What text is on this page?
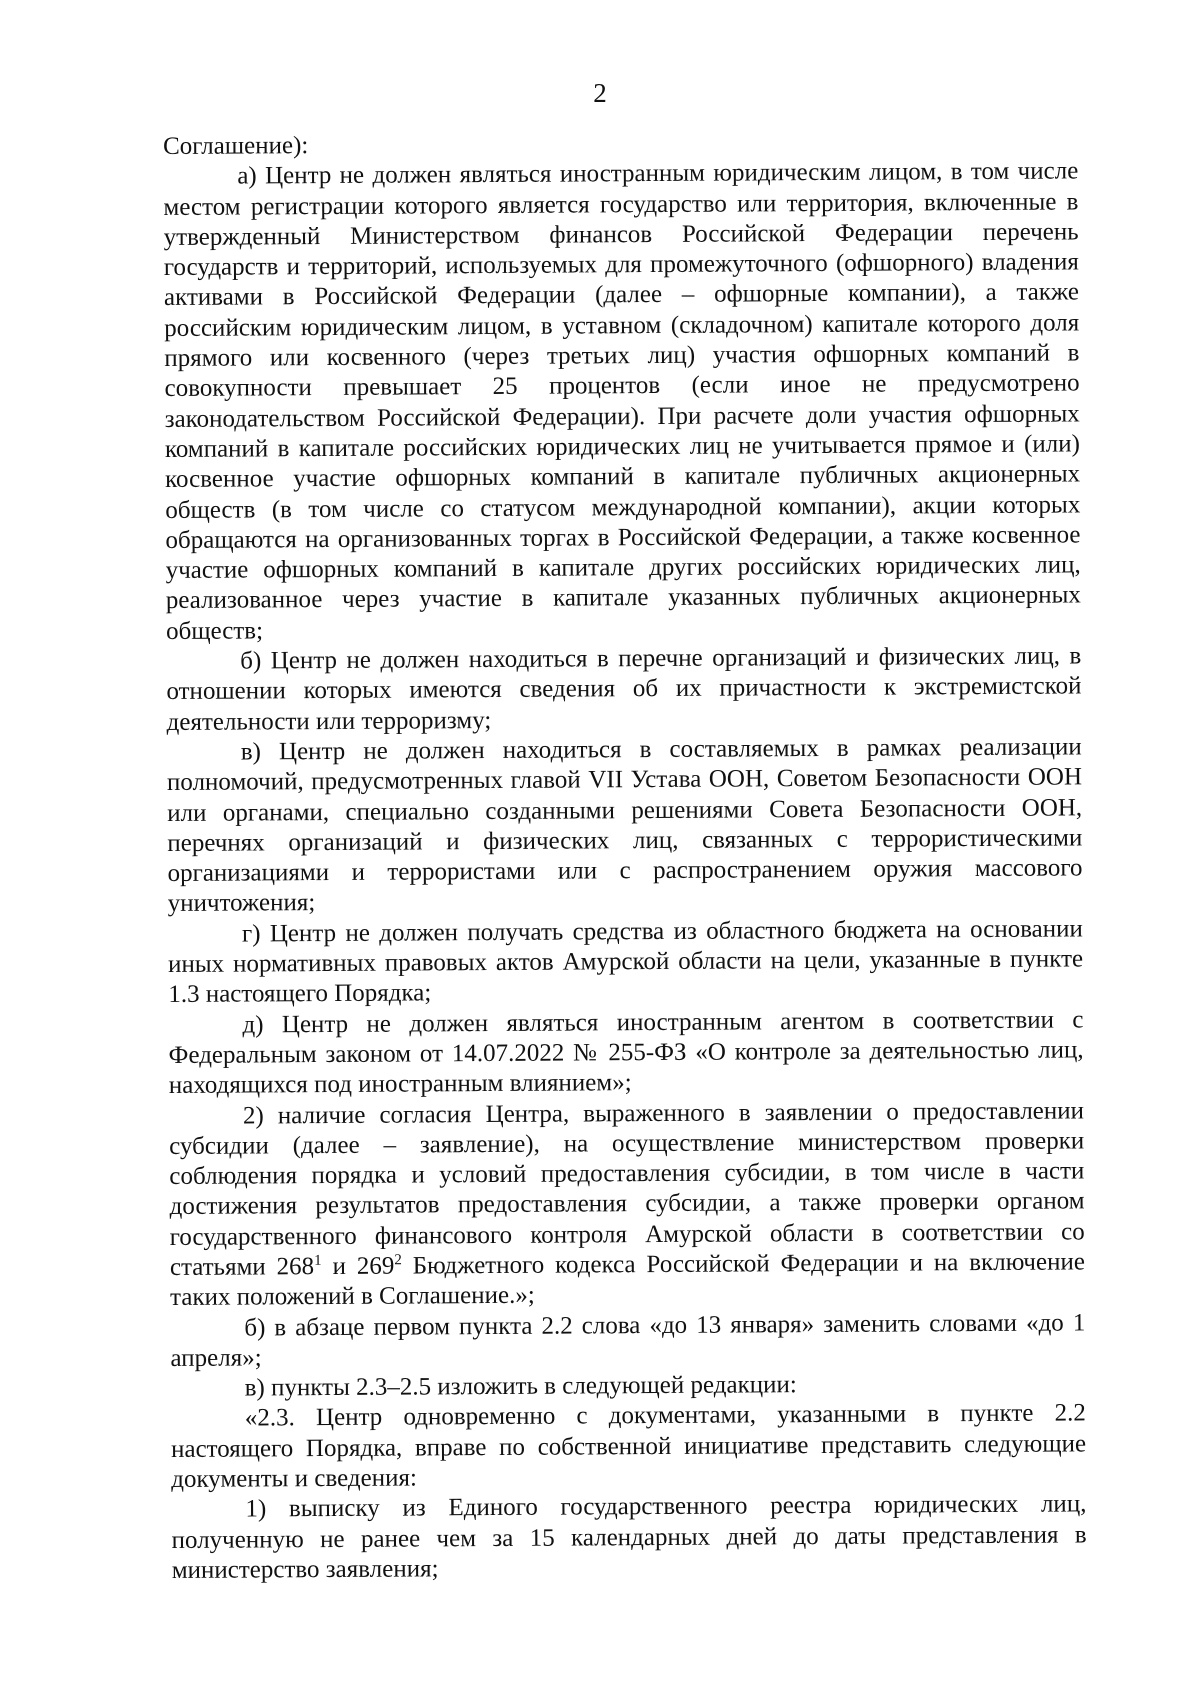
2

Соглашение):

а) Центр не должен являться иностранным юридическим лицом, в том числе местом регистрации которого является государство или территория, включенные в утвержденный Министерством финансов Российской Федерации перечень государств и территорий, используемых для промежуточного (офшорного) владения активами в Российской Федерации (далее – офшорные компании), а также российским юридическим лицом, в уставном (складочном) капитале которого доля прямого или косвенного (через третьих лиц) участия офшорных компаний в совокупности превышает 25 процентов (если иное не предусмотрено законодательством Российской Федерации). При расчете доли участия офшорных компаний в капитале российских юридических лиц не учитывается прямое и (или) косвенное участие офшорных компаний в капитале публичных акционерных обществ (в том числе со статусом международной компании), акции которых обращаются на организованных торгах в Российской Федерации, а также косвенное участие офшорных компаний в капитале других российских юридических лиц, реализованное через участие в капитале указанных публичных акционерных обществ;

б) Центр не должен находиться в перечне организаций и физических лиц, в отношении которых имеются сведения об их причастности к экстремистской деятельности или терроризму;

в) Центр не должен находиться в составляемых в рамках реализации полномочий, предусмотренных главой VII Устава ООН, Советом Безопасности ООН или органами, специально созданными решениями Совета Безопасности ООН, перечнях организаций и физических лиц, связанных с террористическими организациями и террористами или с распространением оружия массового уничтожения;

г) Центр не должен получать средства из областного бюджета на основании иных нормативных правовых актов Амурской области на цели, указанные в пункте 1.3 настоящего Порядка;

д) Центр не должен являться иностранным агентом в соответствии с Федеральным законом от 14.07.2022 № 255-ФЗ «О контроле за деятельностью лиц, находящихся под иностранным влиянием»;

2) наличие согласия Центра, выраженного в заявлении о предоставлении субсидии (далее – заявление), на осуществление министерством проверки соблюдения порядка и условий предоставления субсидии, в том числе в части достижения результатов предоставления субсидии, а также проверки органом государственного финансового контроля Амурской области в соответствии со статьями $268^1$ и $269^2$ Бюджетного кодекса Российской Федерации и на включение таких положений в Соглашение.»;

б) в абзаце первом пункта 2.2 слова «до 13 января» заменить словами «до 1 апреля»;

в) пункты 2.3–2.5 изложить в следующей редакции:

«2.3. Центр одновременно с документами, указанными в пункте 2.2 настоящего Порядка, вправе по собственной инициативе представить следующие документы и сведения:

1) выписку из Единого государственного реестра юридических лиц, полученную не ранее чем за 15 календарных дней до даты представления в министерство заявления;
